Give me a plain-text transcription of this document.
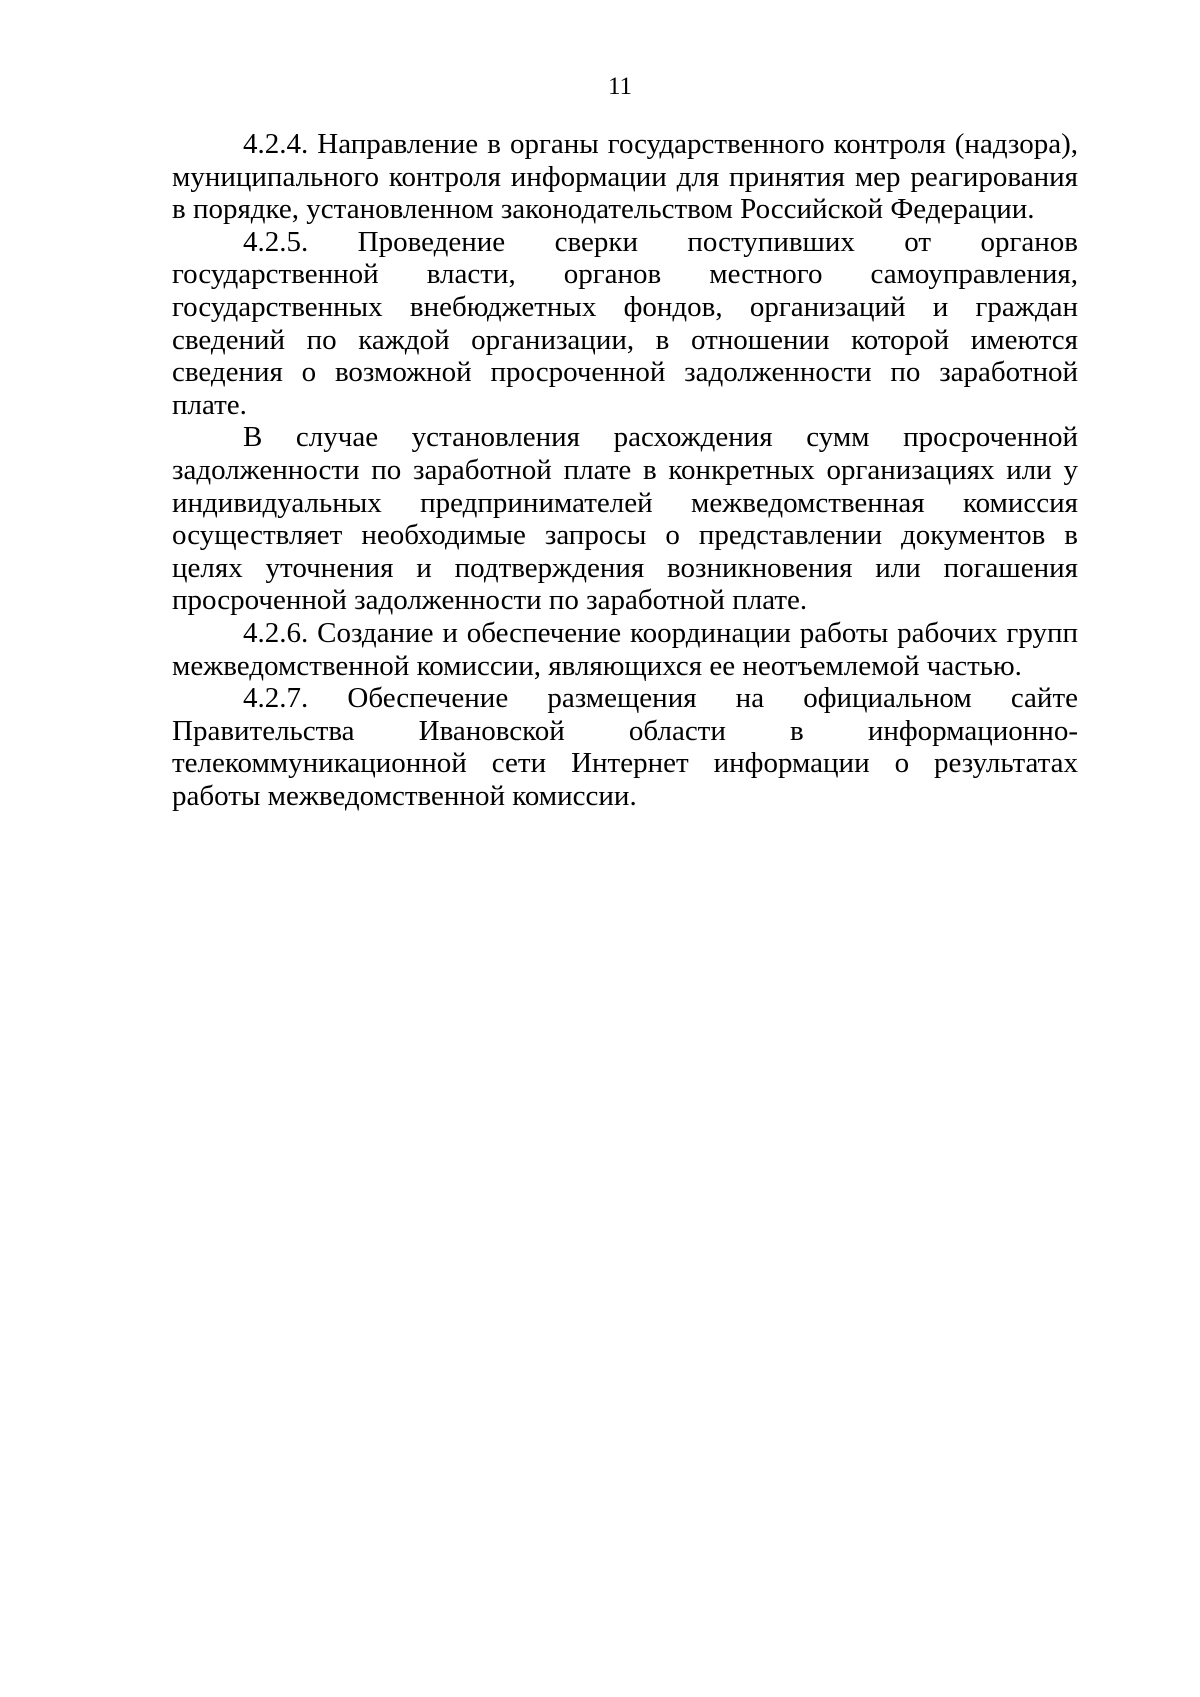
11

4.2.4. Направление в органы государственного контроля (надзора), муниципального контроля информации для принятия мер реагирования в порядке, установленном законодательством Российской Федерации.

4.2.5. Проведение сверки поступивших от органов государственной власти, органов местного самоуправления, государственных внебюджетных фондов, организаций и граждан сведений по каждой организации, в отношении которой имеются сведения о возможной просроченной задолженности по заработной плате.

В случае установления расхождения сумм просроченной задолженности по заработной плате в конкретных организациях или у индивидуальных предпринимателей межведомственная комиссия осуществляет необходимые запросы о представлении документов в целях уточнения и подтверждения возникновения или погашения просроченной задолженности по заработной плате.

4.2.6. Создание и обеспечение координации работы рабочих групп межведомственной комиссии, являющихся ее неотъемлемой частью.

4.2.7. Обеспечение размещения на официальном сайте Правительства Ивановской области в информационно-телекоммуникационной сети Интернет информации о результатах работы межведомственной комиссии.
